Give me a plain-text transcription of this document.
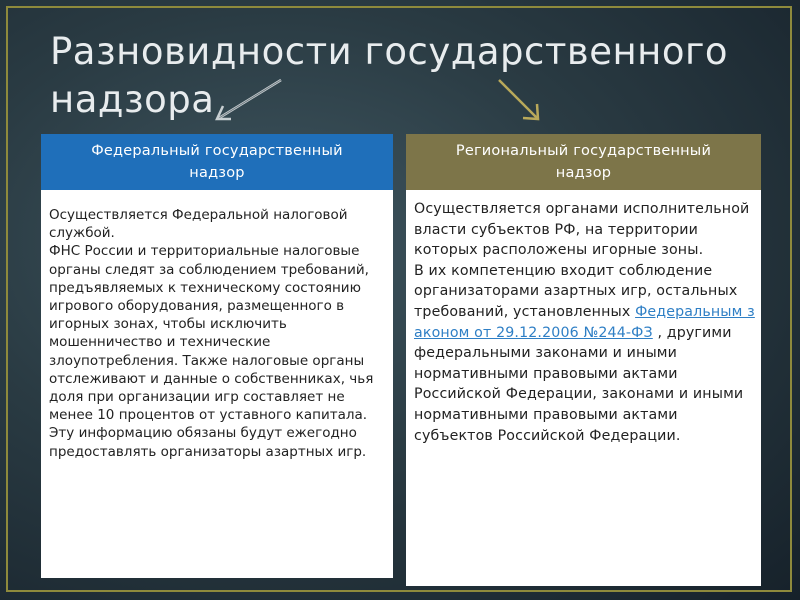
Разновидности государственного
надзора
Федеральный государственный
надзор

Осуществляется Федеральной налоговой службой.

ФНС России и территориальные налоговые органы следят за соблюдением требований, предъявляемых к техническому состоянию игрового оборудования, размещенного в игорных зонах, чтобы исключить мошенничество и технические злоупотребления. Также налоговые органы отслеживают и данные о собственниках, чья доля при организации игр составляет не менее 10 процентов от уставного капитала.

Эту информацию обязаны будут ежегодно предоставлять организаторы азартных игр.

Региональный государственный
надзор

Осуществляется органами исполнительной власти субъектов РФ, на территории которых расположены игорные зоны.

В их компетенцию входит соблюдение организаторами азартных игр, остальных требований, установленных Федеральным законом от 29.12.2006 №244-ФЗ , другими федеральными законами и иными нормативными правовыми актами Российской Федерации, законами и иными нормативными правовыми актами субъектов Российской Федерации.
